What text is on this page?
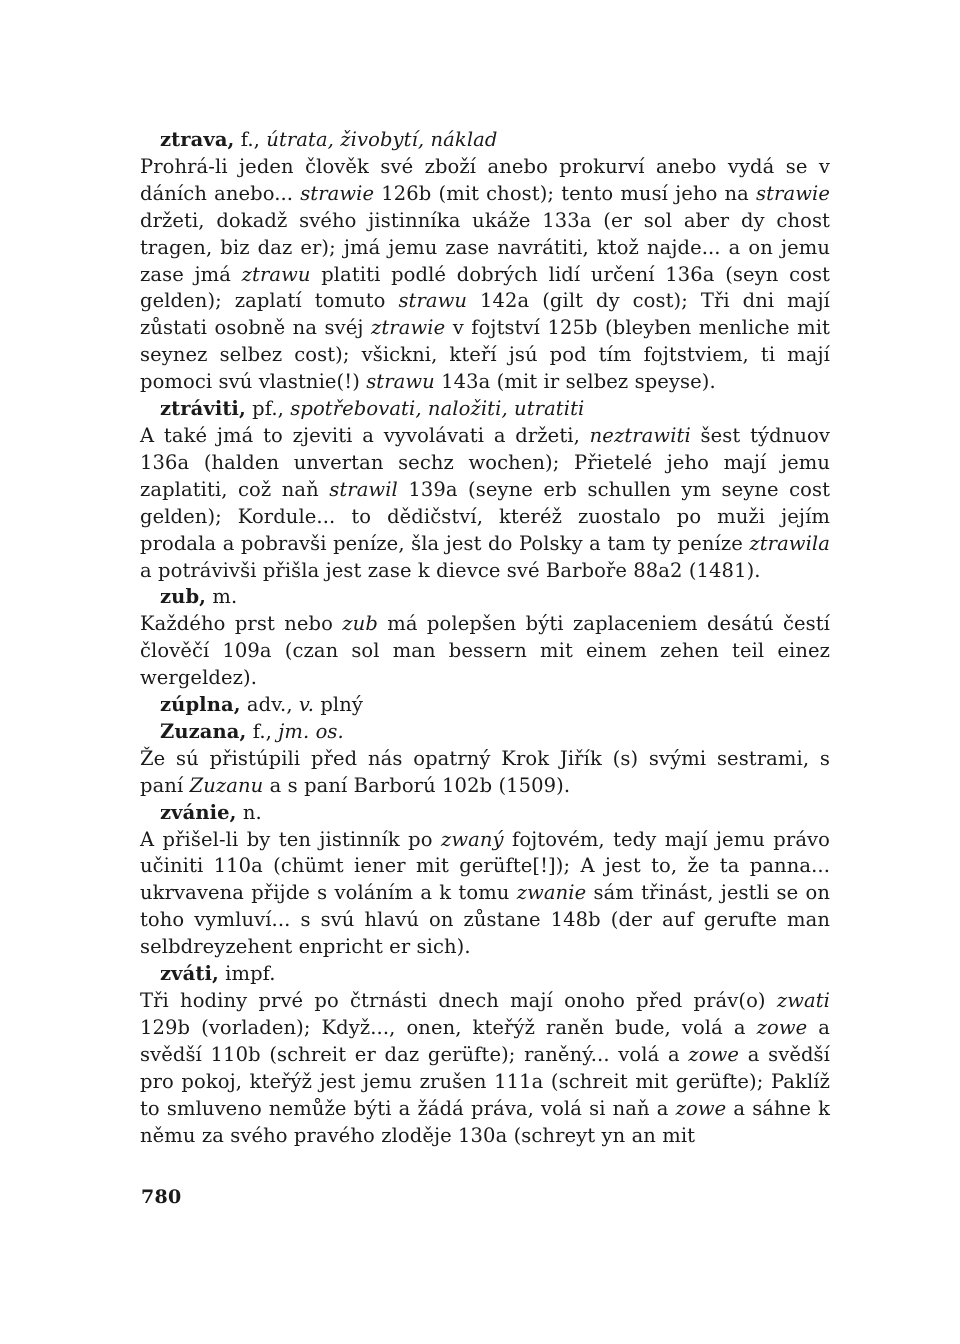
ztrava, f., útrata, živobytí, náklad
Prohrá-li jeden člověk své zboží anebo prokurví anebo vydá se v dáních anebo... strawie 126b (mit chost); tento musí jeho na strawie držeti, dokadž svého jistinníka ukáže 133a (er sol aber dy chost tragen, biz daz er); jmá jemu zase navrátiti, ktož najde... a on jemu zase jmá ztrawu platiti podlé dobrých lidí určení 136a (seyn cost gelden); zaplatí tomuto strawu 142a (gilt dy cost); Tři dni mají zůstati osobně na svéj ztrawie v fojtství 125b (bleyben menliche mit seynez selbez cost); všickni, kteří jsú pod tím fojtstviem, ti mají pomoci svú vlastnie(!) strawu 143a (mit ir selbez speyse).
ztráviti, pf., spotřebovati, naložiti, utratiti
A také jmá to zjeviti a vyvolávati a držeti, neztrawiti šest týdnuov 136a (halden unvertan sechz wochen); Přietelé jeho mají jemu zaplatiti, což naň strawil 139a (seyne erb schullen ym seyne cost gelden); Kordule... to dědičství, kteréž zuostalo po muži jejím prodala a pobravši peníze, šla jest do Polsky a tam ty peníze ztrawila a potrávivši přišla jest zase k dievce své Barboře 88a2 (1481).
zub, m.
Každého prst nebo zub má polepšen býti zaplaceniem desátú čestí člověčí 109a (czan sol man bessern mit einem zehen teil einez wergeldez).
zúplna, adv., v. plný
Zuzana, f., jm. os.
Že sú přistúpili před nás opatrný Krok Jiřík (s) svými sestrami, s paní Zuzanu a s paní Barború 102b (1509).
zvánie, n.
A přišel-li by ten jistinník po zwaný fojtovém, tedy mají jemu právo učiniti 110a (chümt iener mit gerüfte[!]); A jest to, že ta panna... ukrvavena přijde s voláním a k tomu zwanie sám třinást, jestli se on toho vymluví... s svú hlavú on zůstane 148b (der auf gerufte man selbdreyzehent enpricht er sich).
zváti, impf.
Tři hodiny prvé po čtrnásti dnech mají onoho před práv(o) zwati 129b (vorladen); Když..., onen, kteřýž raněn bude, volá a zowe a svědší 110b (schreit er daz gerüfte); raněný... volá a zowe a svědší pro pokoj, kteřýž jest jemu zrušen 111a (schreit mit gerüfte); Paklíž to smluveno nemůže býti a žádá práva, volá si naň a zowe a sáhne k němu za svého pravého zloděje 130a (schreyt yn an mit
780
